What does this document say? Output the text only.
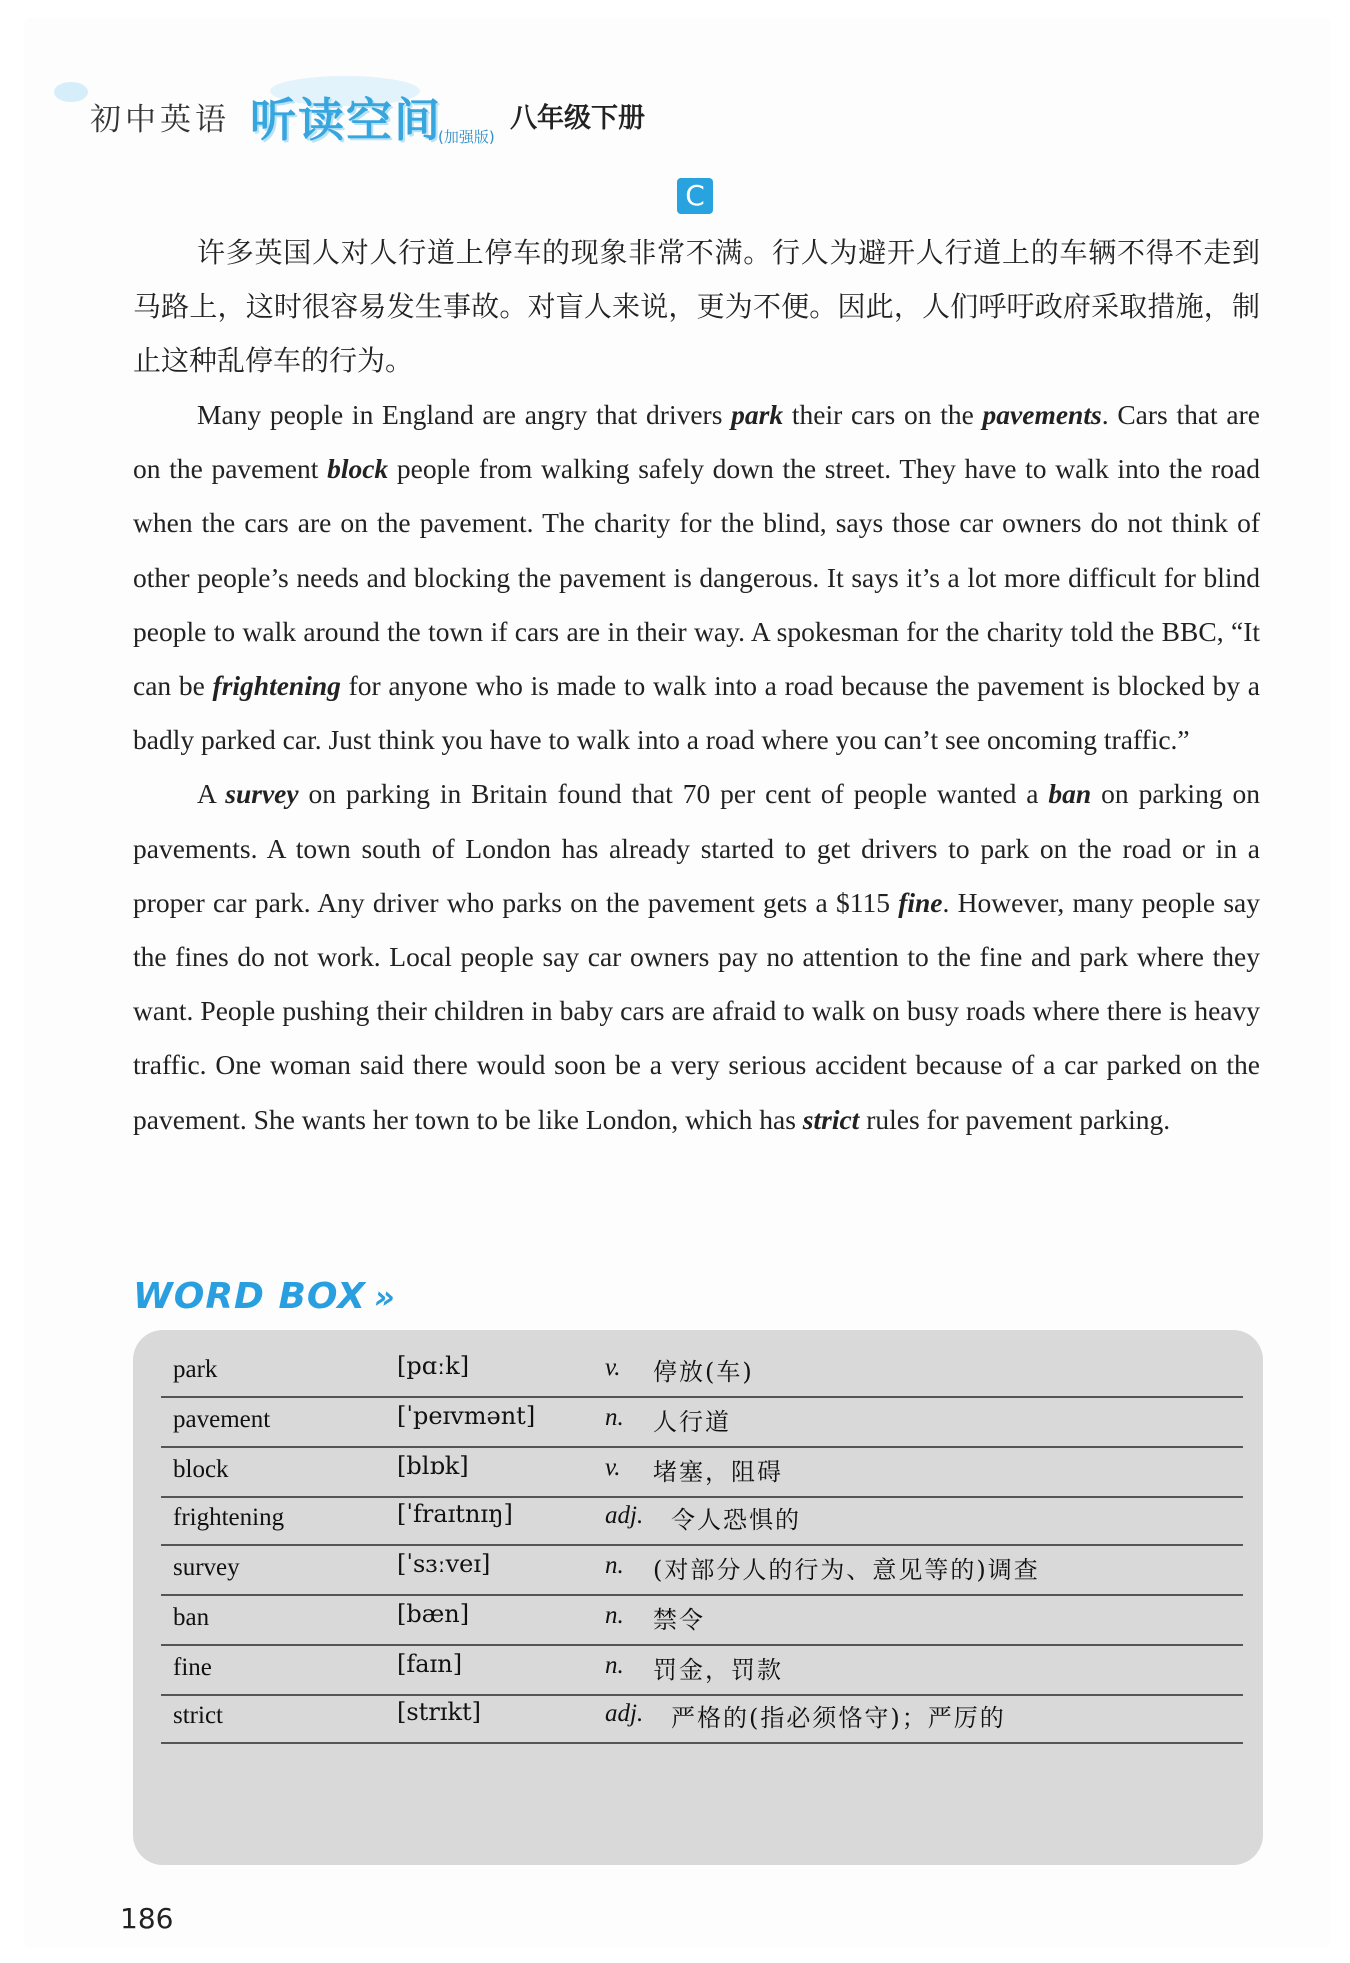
初中英语 听读空间
(加强版)
八年级下册
C

许多英国人对人行道上停车的现象非常不满。行人为避开人行道上的车辆不得不走到马路上，这时很容易发生事故。对盲人来说，更为不便。因此，人们呼吁政府采取措施，制止这种乱停车的行为。

Many people in England are angry that drivers park their cars on the pavements. Cars that are on the pavement block people from walking safely down the street. They have to walk into the road when the cars are on the pavement. The charity for the blind, says those car owners do not think of other people’s needs and blocking the pavement is dangerous. It says it’s a lot more difficult for blind people to walk around the town if cars are in their way. A spokesman for the charity told the BBC, “It can be frightening for anyone who is made to walk into a road because the pavement is blocked by a badly parked car. Just think you have to walk into a road where you can’t see oncoming traffic.”

A survey on parking in Britain found that 70 per cent of people wanted a ban on parking on pavements. A town south of London has already started to get drivers to park on the road or in a proper car park. Any driver who parks on the pavement gets a $115 fine. However, many people say the fines do not work. Local people say car owners pay no attention to the fine and park where they want. People pushing their children in baby cars are afraid to walk on busy roads where there is heavy traffic. One woman said there would soon be a very serious accident because of a car parked on the pavement. She wants her town to be like London, which has strict rules for pavement parking.

WORD BOX »
park	[pɑːk]	v. 停放(车)
pavement	[ˈpeɪvmənt]	n. 人行道
block	[blɒk]	v. 堵塞，阻碍
frightening	[ˈfraɪtnɪŋ]	adj. 令人恐惧的
survey	[ˈsɜːveɪ]	n. (对部分人的行为、意见等的)调查
ban	[bæn]	n. 禁令
fine	[faɪn]	n. 罚金，罚款
strict	[strɪkt]	adj. 严格的(指必须恪守)；严厉的
186
